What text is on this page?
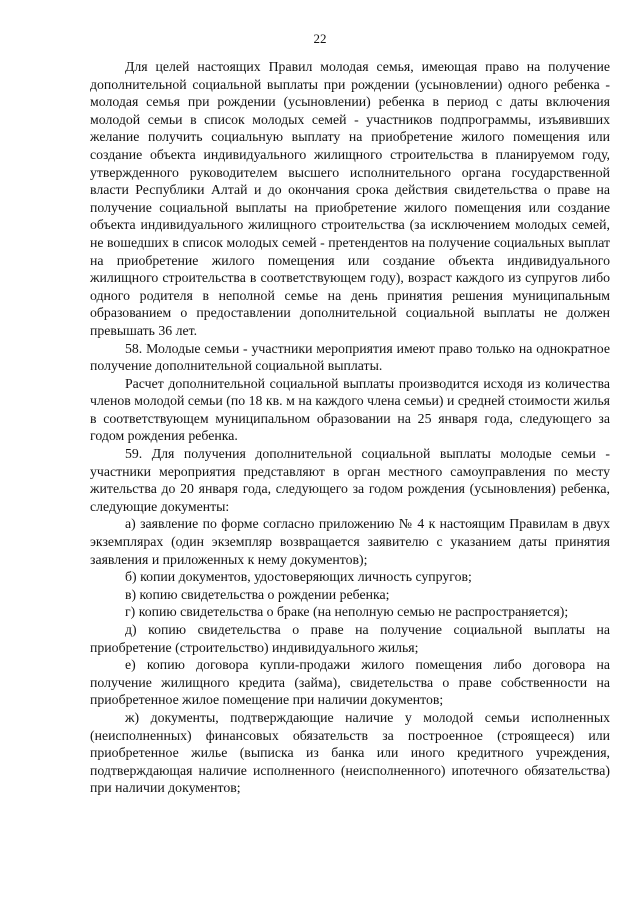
22

Для целей настоящих Правил молодая семья, имеющая право на получение дополнительной социальной выплаты при рождении (усыновлении) одного ребенка - молодая семья при рождении (усыновлении) ребенка в период с даты включения молодой семьи в список молодых семей - участников подпрограммы, изъявивших желание получить социальную выплату на приобретение жилого помещения или создание объекта индивидуального жилищного строительства в планируемом году, утвержденного руководителем высшего исполнительного органа государственной власти Республики Алтай и до окончания срока действия свидетельства о праве на получение социальной выплаты на приобретение жилого помещения или создание объекта индивидуального жилищного строительства (за исключением молодых семей, не вошедших в список молодых семей - претендентов на получение социальных выплат на приобретение жилого помещения или создание объекта индивидуального жилищного строительства в соответствующем году), возраст каждого из супругов либо одного родителя в неполной семье на день принятия решения муниципальным образованием о предоставлении дополнительной социальной выплаты не должен превышать 36 лет.

58. Молодые семьи - участники мероприятия имеют право только на однократное получение дополнительной социальной выплаты.

Расчет дополнительной социальной выплаты производится исходя из количества членов молодой семьи (по 18 кв. м на каждого члена семьи) и средней стоимости жилья в соответствующем муниципальном образовании на 25 января года, следующего за годом рождения ребенка.

59. Для получения дополнительной социальной выплаты молодые семьи - участники мероприятия представляют в орган местного самоуправления по месту жительства до 20 января года, следующего за годом рождения (усыновления) ребенка, следующие документы:

а) заявление по форме согласно приложению № 4 к настоящим Правилам в двух экземплярах (один экземпляр возвращается заявителю с указанием даты принятия заявления и приложенных к нему документов);

б) копии документов, удостоверяющих личность супругов;

в) копию свидетельства о рождении ребенка;

г) копию свидетельства о браке (на неполную семью не распространяется);

д) копию свидетельства о праве на получение социальной выплаты на приобретение (строительство) индивидуального жилья;

е) копию договора купли-продажи жилого помещения либо договора на получение жилищного кредита (займа), свидетельства о праве собственности на приобретенное жилое помещение при наличии документов;

ж) документы, подтверждающие наличие у молодой семьи исполненных (неисполненных) финансовых обязательств за построенное (строящееся) или приобретенное жилье (выписка из банка или иного кредитного учреждения, подтверждающая наличие исполненного (неисполненного) ипотечного обязательства) при наличии документов;
